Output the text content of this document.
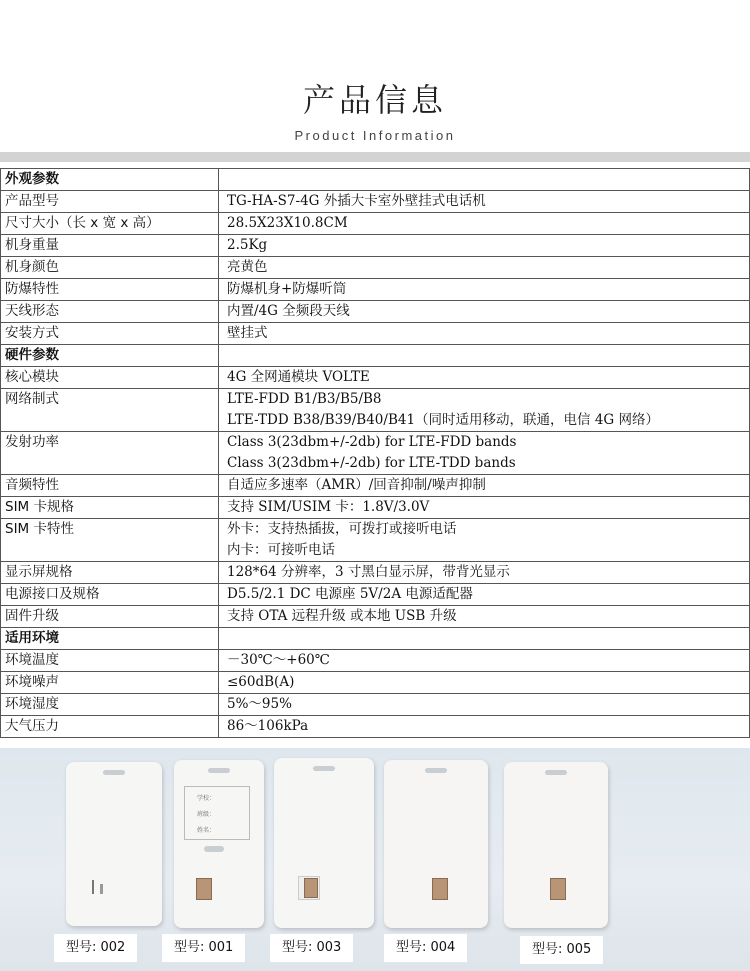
产品信息
Product Information
外观参数	

产品型号	TG-HA-S7-4G 外插大卡室外壁挂式电话机

尺寸大小（长 x 宽 x 高）	28.5X23X10.8CM

机身重量	2.5Kg

机身颜色	亮黄色

防爆特性	防爆机身+防爆听筒

天线形态	内置/4G 全频段天线

安装方式	壁挂式

硬件参数	

核心模块	4G 全网通模块 VOLTE

网络制式	LTE-FDD B1/B3/B5/B8
LTE-TDD B38/B39/B40/B41（同时适用移动，联通，电信 4G 网络）

发射功率	Class 3(23dbm+/-2db) for LTE-FDD bands
Class 3(23dbm+/-2db) for LTE-TDD bands

音频特性	自适应多速率（AMR）/回音抑制/噪声抑制

SIM 卡规格	支持 SIM/USIM 卡：1.8V/3.0V

SIM 卡特性	外卡：支持热插拔，可拨打或接听电话
内卡：可接听电话

显示屏规格	128*64 分辨率，3 寸黑白显示屏，带背光显示

电源接口及规格	D5.5/2.1 DC 电源座 5V/2A 电源适配器

固件升级	支持 OTA 远程升级 或本地 USB 升级

适用环境	

环境温度	－30℃～+60℃

环境噪声	≤60dB(A)

环境湿度	5%～95%

大气压力	86～106kPa
学校：
班级：
姓名：
型号: 002	型号: 001	型号: 003	型号: 004	型号: 005
